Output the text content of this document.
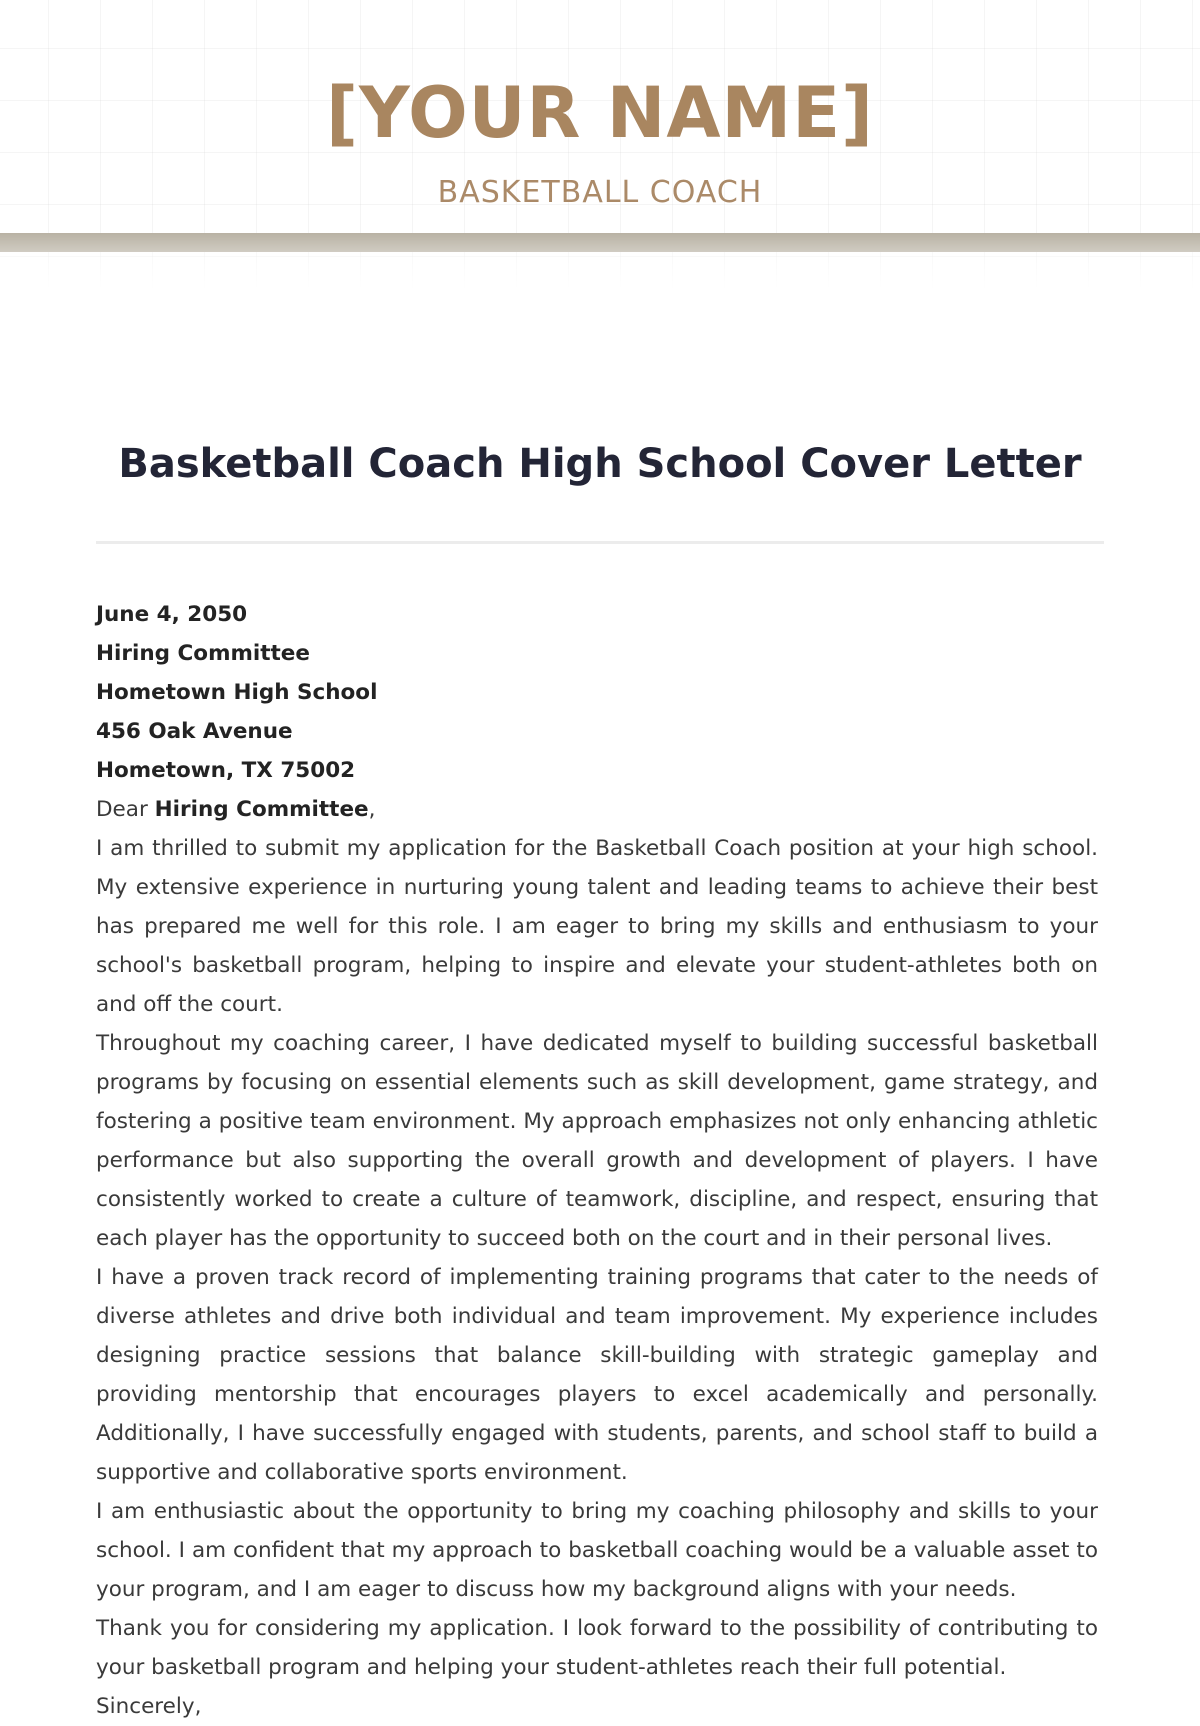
[YOUR NAME]
BASKETBALL COACH
Basketball Coach High School Cover Letter

June 4, 2050

Hiring Committee

Hometown High School

456 Oak Avenue

Hometown, TX 75002

Dear Hiring Committee,

I am thrilled to submit my application for the Basketball Coach position at your high school. My extensive experience in nurturing young talent and leading teams to achieve their best has prepared me well for this role. I am eager to bring my skills and enthusiasm to your school's basketball program, helping to inspire and elevate your student-athletes both on and off the court.

Throughout my coaching career, I have dedicated myself to building successful basketball programs by focusing on essential elements such as skill development, game strategy, and fostering a positive team environment. My approach emphasizes not only enhancing athletic performance but also supporting the overall growth and development of players. I have consistently worked to create a culture of teamwork, discipline, and respect, ensuring that each player has the opportunity to succeed both on the court and in their personal lives.

I have a proven track record of implementing training programs that cater to the needs of diverse athletes and drive both individual and team improvement. My experience includes designing practice sessions that balance skill-building with strategic gameplay and providing mentorship that encourages players to excel academically and personally. Additionally, I have successfully engaged with students, parents, and school staff to build a supportive and collaborative sports environment.

I am enthusiastic about the opportunity to bring my coaching philosophy and skills to your school. I am confident that my approach to basketball coaching would be a valuable asset to your program, and I am eager to discuss how my background aligns with your needs.

Thank you for considering my application. I look forward to the possibility of contributing to your basketball program and helping your student-athletes reach their full potential.

Sincerely,
